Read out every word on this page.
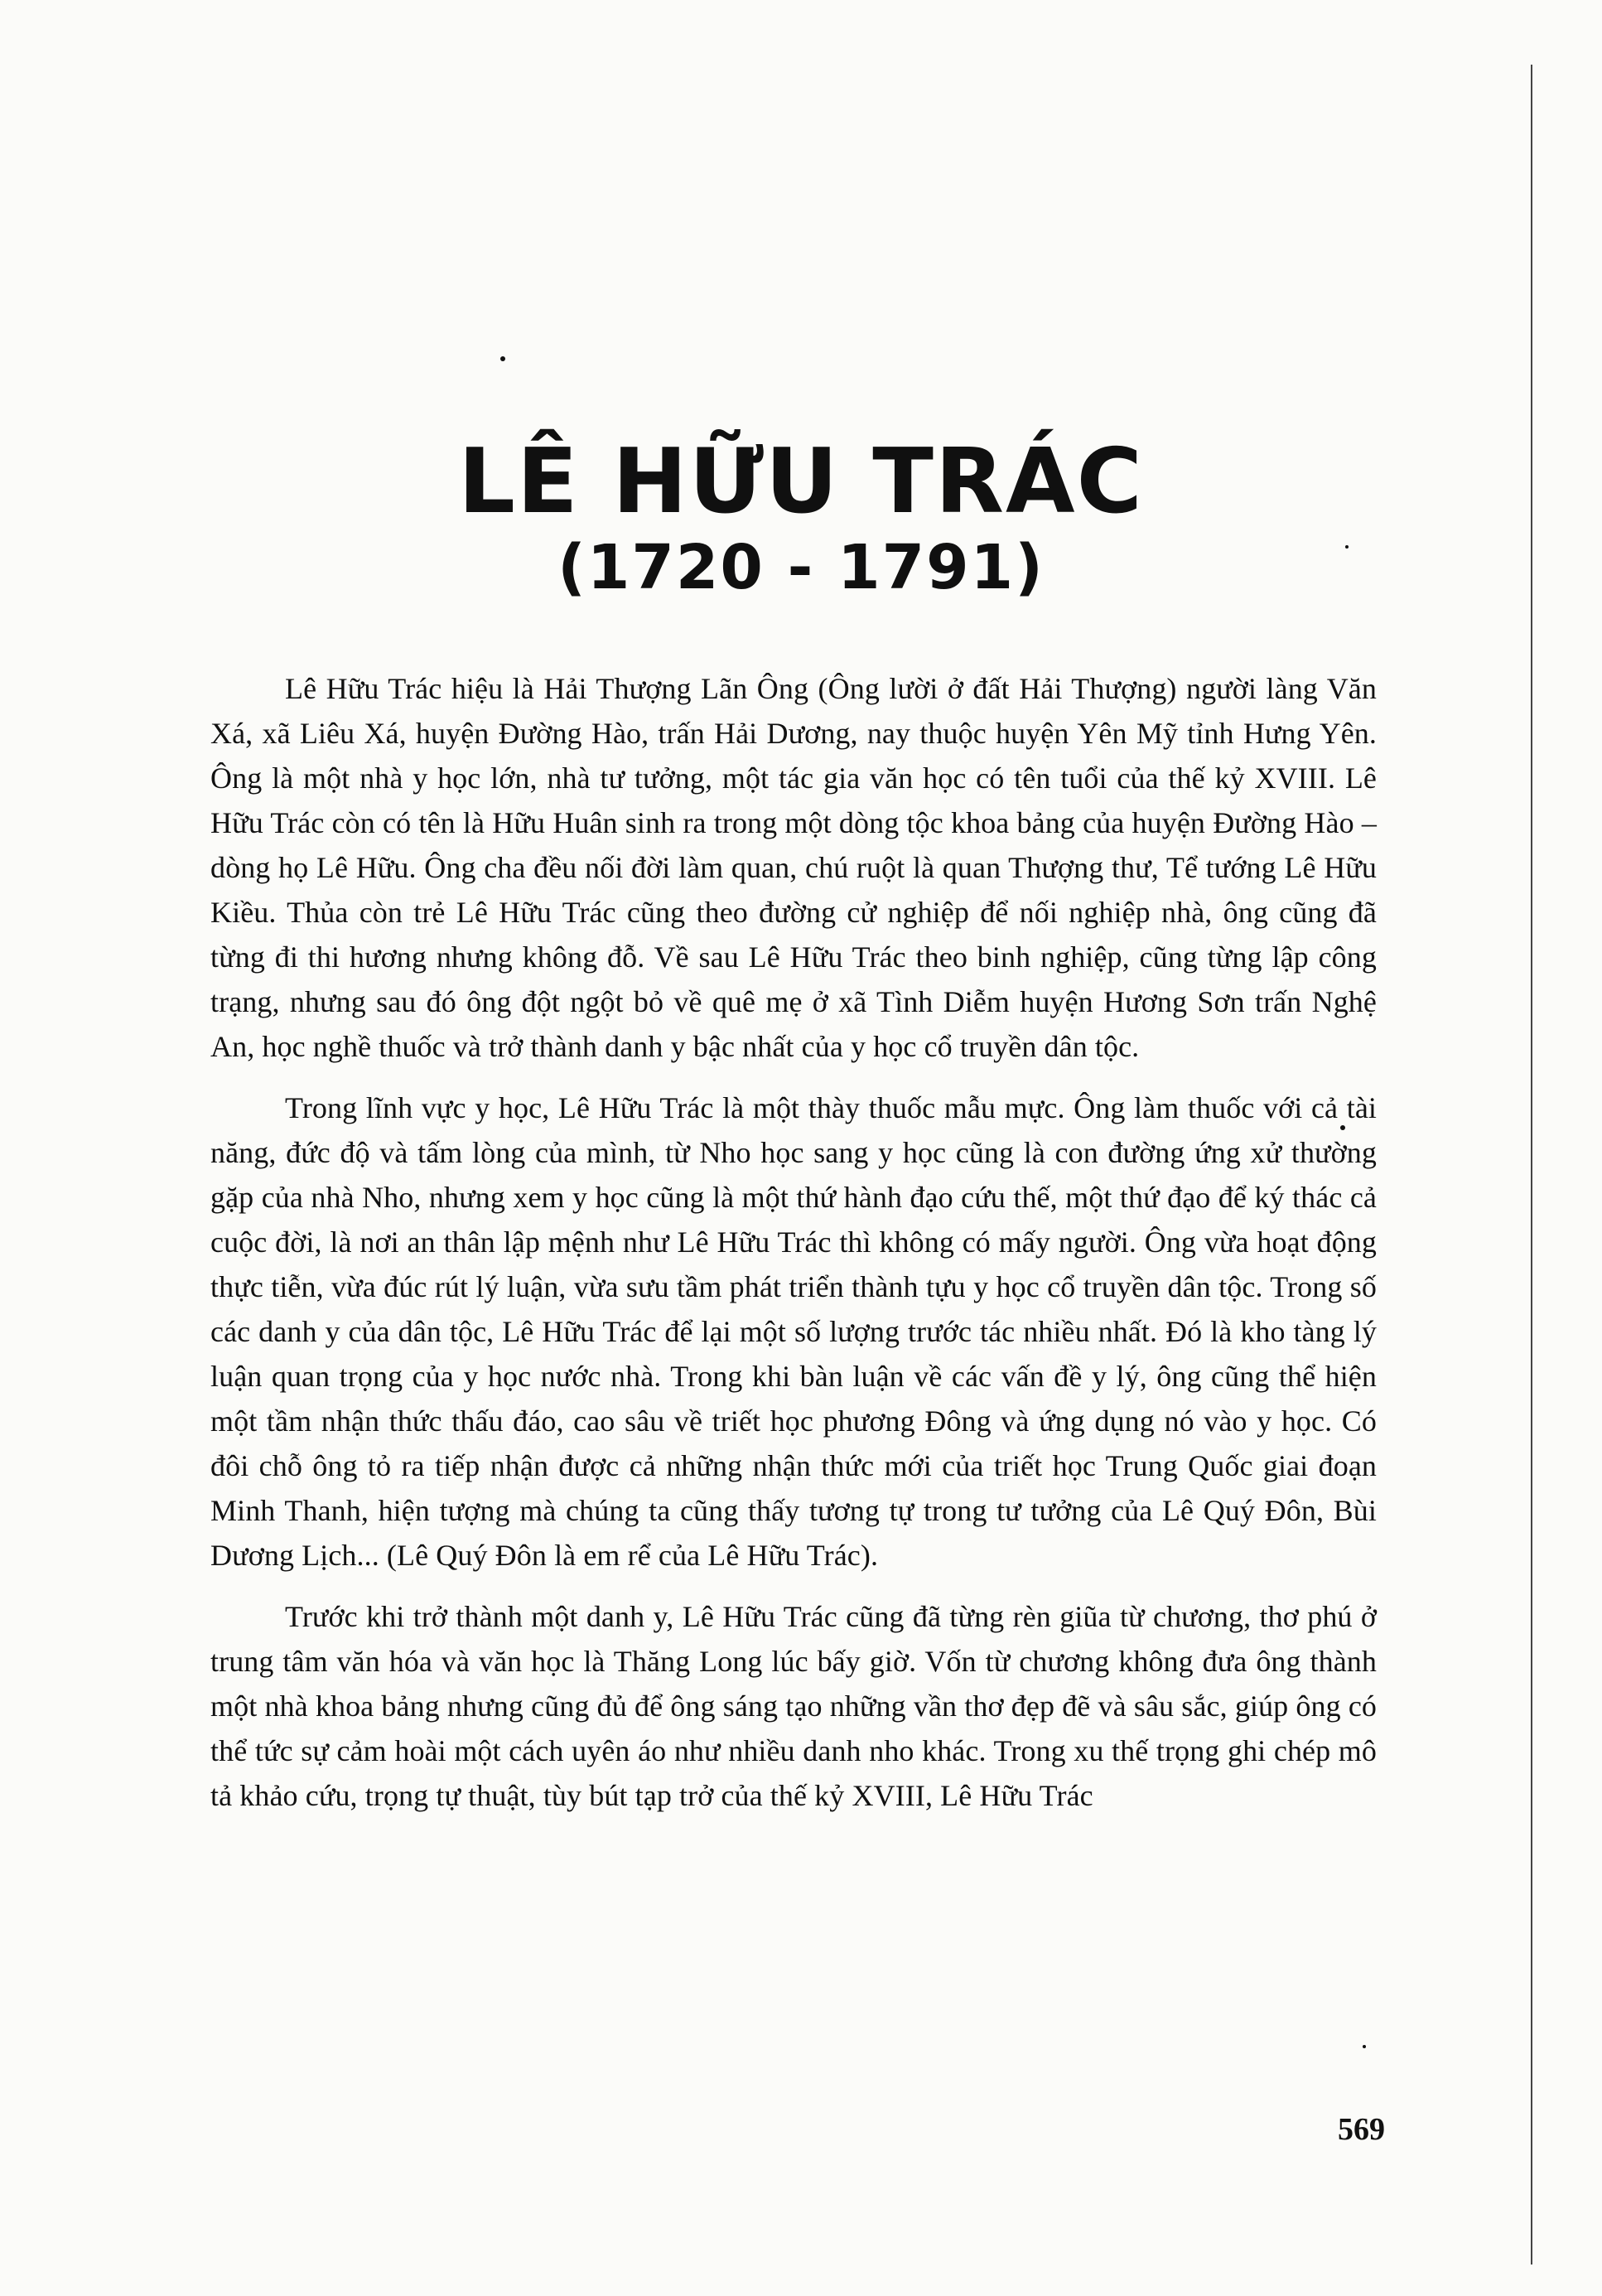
LÊ HỮU TRÁC
(1720 - 1791)

Lê Hữu Trác hiệu là Hải Thượng Lãn Ông (Ông lười ở đất Hải Thượng) người làng Văn Xá, xã Liêu Xá, huyện Đường Hào, trấn Hải Dương, nay thuộc huyện Yên Mỹ tỉnh Hưng Yên. Ông là một nhà y học lớn, nhà tư tưởng, một tác gia văn học có tên tuổi của thế kỷ XVIII. Lê Hữu Trác còn có tên là Hữu Huân sinh ra trong một dòng tộc khoa bảng của huyện Đường Hào – dòng họ Lê Hữu. Ông cha đều nối đời làm quan, chú ruột là quan Thượng thư, Tể tướng Lê Hữu Kiều. Thủa còn trẻ Lê Hữu Trác cũng theo đường cử nghiệp để nối nghiệp nhà, ông cũng đã từng đi thi hương nhưng không đỗ. Về sau Lê Hữu Trác theo binh nghiệp, cũng từng lập công trạng, nhưng sau đó ông đột ngột bỏ về quê mẹ ở xã Tình Diễm huyện Hương Sơn trấn Nghệ An, học nghề thuốc và trở thành danh y bậc nhất của y học cổ truyền dân tộc.

Trong lĩnh vực y học, Lê Hữu Trác là một thày thuốc mẫu mực. Ông làm thuốc với cả tài năng, đức độ và tấm lòng của mình, từ Nho học sang y học cũng là con đường ứng xử thường gặp của nhà Nho, nhưng xem y học cũng là một thứ hành đạo cứu thế, một thứ đạo để ký thác cả cuộc đời, là nơi an thân lập mệnh như Lê Hữu Trác thì không có mấy người. Ông vừa hoạt động thực tiễn, vừa đúc rút lý luận, vừa sưu tầm phát triển thành tựu y học cổ truyền dân tộc. Trong số các danh y của dân tộc, Lê Hữu Trác để lại một số lượng trước tác nhiều nhất. Đó là kho tàng lý luận quan trọng của y học nước nhà. Trong khi bàn luận về các vấn đề y lý, ông cũng thể hiện một tầm nhận thức thấu đáo, cao sâu về triết học phương Đông và ứng dụng nó vào y học. Có đôi chỗ ông tỏ ra tiếp nhận được cả những nhận thức mới của triết học Trung Quốc giai đoạn Minh Thanh, hiện tượng mà chúng ta cũng thấy tương tự trong tư tưởng của Lê Quý Đôn, Bùi Dương Lịch... (Lê Quý Đôn là em rể của Lê Hữu Trác).

Trước khi trở thành một danh y, Lê Hữu Trác cũng đã từng rèn giũa từ chương, thơ phú ở trung tâm văn hóa và văn học là Thăng Long lúc bấy giờ. Vốn từ chương không đưa ông thành một nhà khoa bảng nhưng cũng đủ để ông sáng tạo những vần thơ đẹp đẽ và sâu sắc, giúp ông có thể tức sự cảm hoài một cách uyên áo như nhiều danh nho khác. Trong xu thế trọng ghi chép mô tả khảo cứu, trọng tự thuật, tùy bút tạp trở của thế kỷ XVIII, Lê Hữu Trác

569
